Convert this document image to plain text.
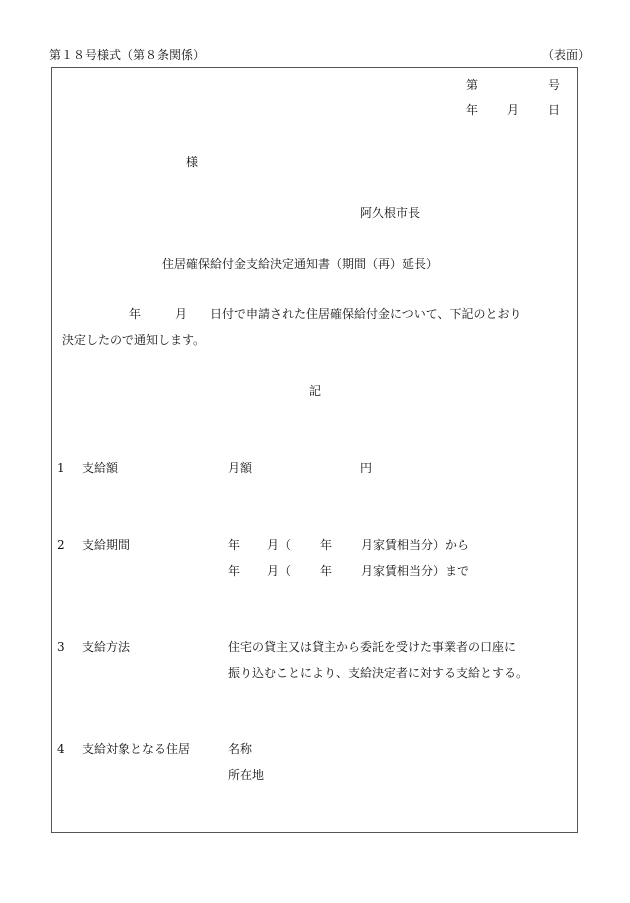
第１８号様式（第８条関係）	（表面）
第	号
年 月 日
様
阿久根市長
住居確保給付金支給決定通知書（期間（再）延長）
年	月 日付で申請された住居確保給付金について、下記のとおり
決定したので通知します。
記
1 支給額	月額	円
2 支給期間	年 月（ 年 月家賃相当分）から
年 月（ 年 月家賃相当分）まで
3 支給方法	住宅の貸主又は貸主から委託を受けた事業者の口座に
振り込むことにより、支給決定者に対する支給とする。
4 支給対象となる住居	名称
所在地
